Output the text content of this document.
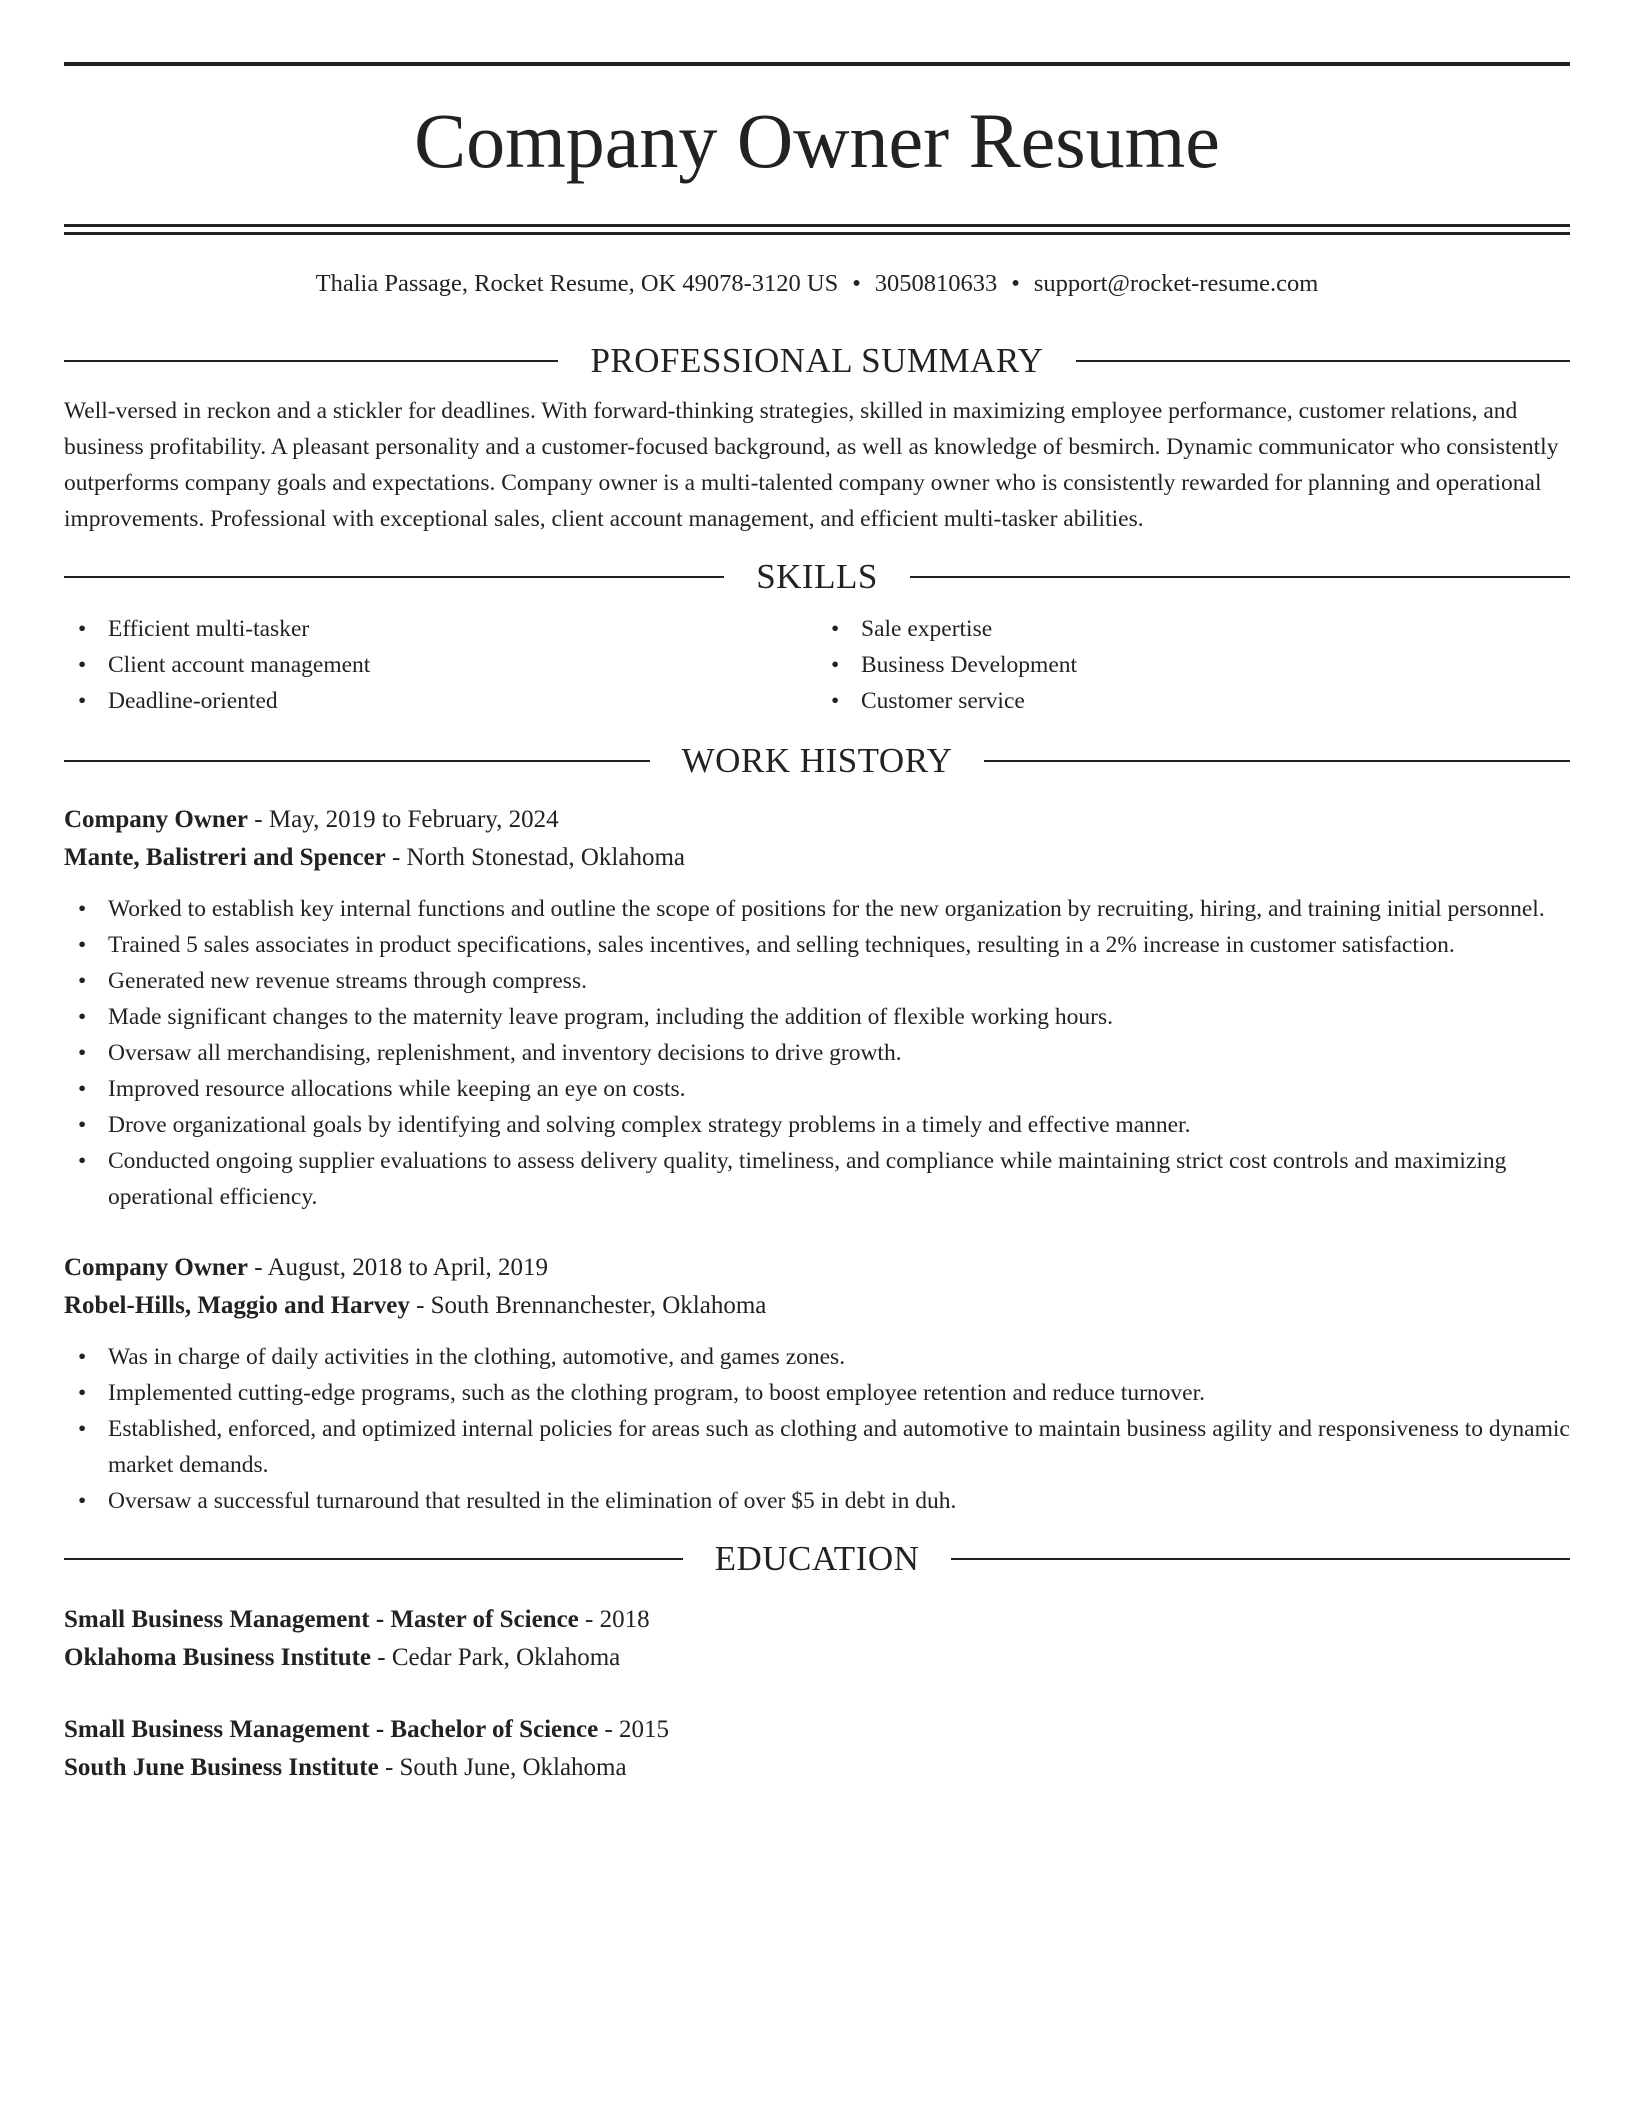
Company Owner Resume
Thalia Passage, Rocket Resume, OK 49078-3120 US • 3050810633 • support@rocket-resume.com
PROFESSIONAL SUMMARY

Well-versed in reckon and a stickler for deadlines. With forward-thinking strategies, skilled in maximizing employee performance, customer relations, and business profitability. A pleasant personality and a customer-focused background, as well as knowledge of besmirch. Dynamic communicator who consistently outperforms company goals and expectations. Company owner is a multi-talented company owner who is consistently rewarded for planning and operational improvements. Professional with exceptional sales, client account management, and efficient multi-tasker abilities.

SKILLS
• Efficient multi-tasker
• Client account management
• Deadline-oriented
• Sale expertise
• Business Development
• Customer service
WORK HISTORY
Company Owner - May, 2019 to February, 2024
Mante, Balistreri and Spencer - North Stonestad, Oklahoma
• Worked to establish key internal functions and outline the scope of positions for the new organization by recruiting, hiring, and training initial personnel.
• Trained 5 sales associates in product specifications, sales incentives, and selling techniques, resulting in a 2% increase in customer satisfaction.
• Generated new revenue streams through compress.
• Made significant changes to the maternity leave program, including the addition of flexible working hours.
• Oversaw all merchandising, replenishment, and inventory decisions to drive growth.
• Improved resource allocations while keeping an eye on costs.
• Drove organizational goals by identifying and solving complex strategy problems in a timely and effective manner.
• Conducted ongoing supplier evaluations to assess delivery quality, timeliness, and compliance while maintaining strict cost controls and maximizing operational efficiency.
Company Owner - August, 2018 to April, 2019
Robel-Hills, Maggio and Harvey - South Brennanchester, Oklahoma
• Was in charge of daily activities in the clothing, automotive, and games zones.
• Implemented cutting-edge programs, such as the clothing program, to boost employee retention and reduce turnover.
• Established, enforced, and optimized internal policies for areas such as clothing and automotive to maintain business agility and responsiveness to dynamic market demands.
• Oversaw a successful turnaround that resulted in the elimination of over $5 in debt in duh.
EDUCATION
Small Business Management - Master of Science - 2018
Oklahoma Business Institute - Cedar Park, Oklahoma
Small Business Management - Bachelor of Science - 2015
South June Business Institute - South June, Oklahoma
